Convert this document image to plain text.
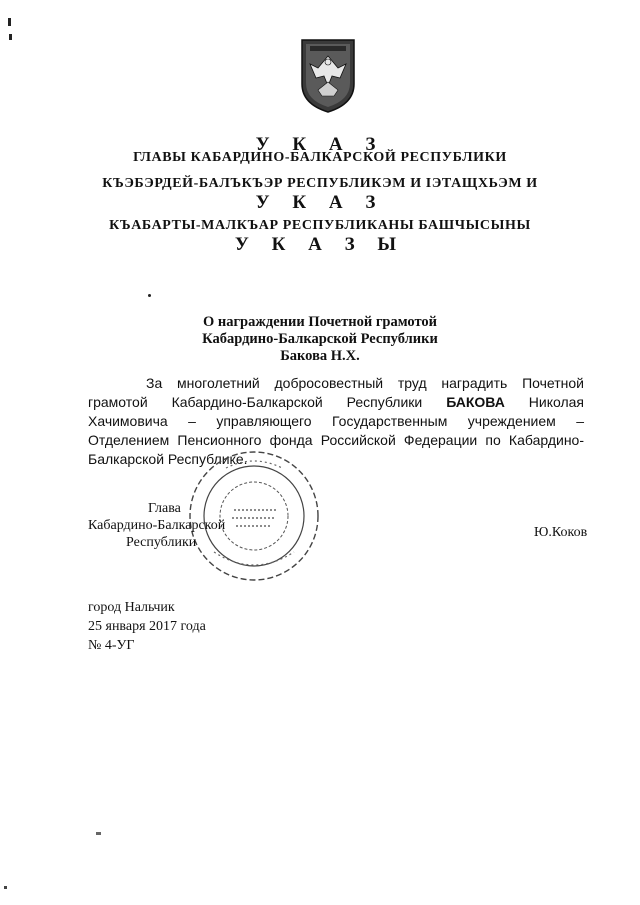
У К А З
ГЛАВЫ КАБАРДИНО-БАЛКАРСКОЙ РЕСПУБЛИКИ
КЪЭБЭРДЕЙ-БАЛЪКЪЭР РЕСПУБЛИКЭМ И ІЭТАЩХЬЭМ И
У К А З
КЪАБАРТЫ-МАЛКЪАР РЕСПУБЛИКАНЫ БАШЧЫСЫНЫ
У К А З Ы
О награждении Почетной грамотой
Кабардино-Балкарской Республики
Бакова Н.Х.
За многолетний добросовестный труд наградить Почетной грамотой Кабардино-Балкарской Республики БАКОВА Николая Хачимовича – управляющего Государственным учреждением – Отделением Пенсионного фонда Российской Федерации по Кабардино-Балкарской Республике.
Глава
Кабардино-Балкарской
Республики
Ю.Коков
город Нальчик
25 января 2017 года
№ 4-УГ
